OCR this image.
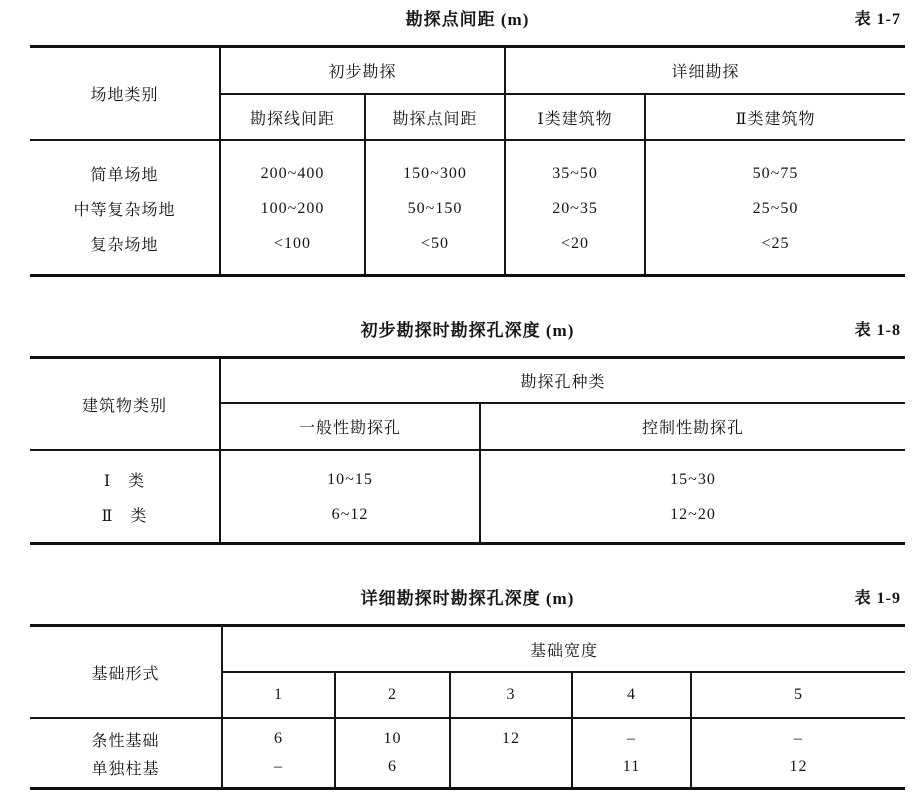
勘探点间距 (m)	表 1-7
场地类别	初步勘探		详细勘探	
	勘探线间距	勘探点间距	Ⅰ类建筑物	Ⅱ类建筑物
简单场地	200~400	150~300	35~50	50~75
中等复杂场地	100~200	50~150	20~35	25~50
复杂场地	<100	<50	<20	<25
初步勘探时勘探孔深度 (m)	表 1-8
建筑物类别	勘探孔种类	
	一般性勘探孔	控制性勘探孔
Ⅰ　类	10~15	15~30
Ⅱ　类	6~12	12~20
详细勘探时勘探孔深度 (m)	表 1-9
基础形式	基础宽度				
	1	2	3	4	5
条性基础	6	10	12	–	–
单独柱基	–	6		11	12
